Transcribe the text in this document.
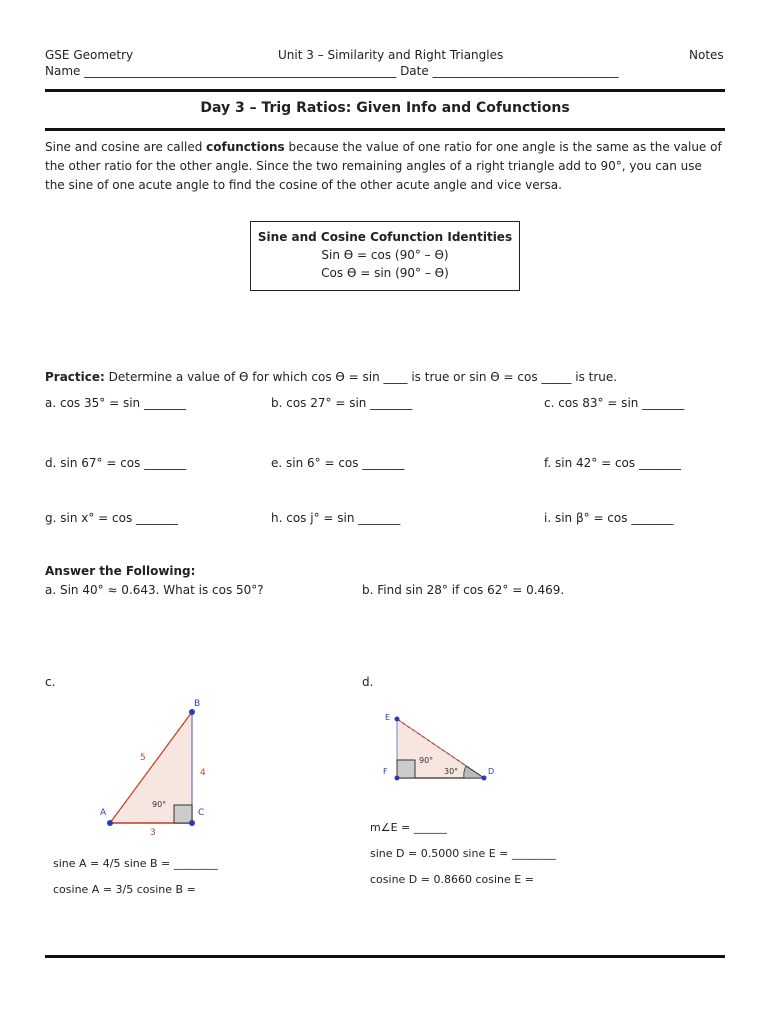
GSE Geometry	Unit 3 – Similarity and Right Triangles	Notes
Name ____________________________________________________ Date _______________________________
Day 3 – Trig Ratios: Given Info and Cofunctions
Sine and cosine are called cofunctions because the value of one ratio for one angle is the same as the value of the other ratio for the other angle. Since the two remaining angles of a right triangle add to 90°, you can use the sine of one acute angle to find the cosine of the other acute angle and vice versa.
Sine and Cosine Cofunction Identities
Sin ϴ = cos (90° – ϴ)
Cos ϴ = sin (90° – ϴ)
Practice: Determine a value of ϴ for which cos ϴ = sin ____ is true or sin ϴ = cos _____ is true.
a. cos 35° = sin _______	b. cos 27° = sin _______	c. cos 83° = sin _______
d. sin 67° = cos _______	e. sin 6° = cos _______	f. sin 42° = cos _______
g. sin x° = cos _______	h. cos j° = sin _______	i. sin β° = cos _______
Answer the Following:
a. Sin 40° ≈ 0.643. What is cos 50°?	b. Find sin 28° if cos 62° = 0.469.
c.	d.
A
B
C
5
4
3
90°
sine A = 4/5 sine B = ________
cosine A = 3/5 cosine B =
E
F	D
90°
30°
m∠E = ______
sine D = 0.5000 sine E = ________
cosine D = 0.8660 cosine E =
